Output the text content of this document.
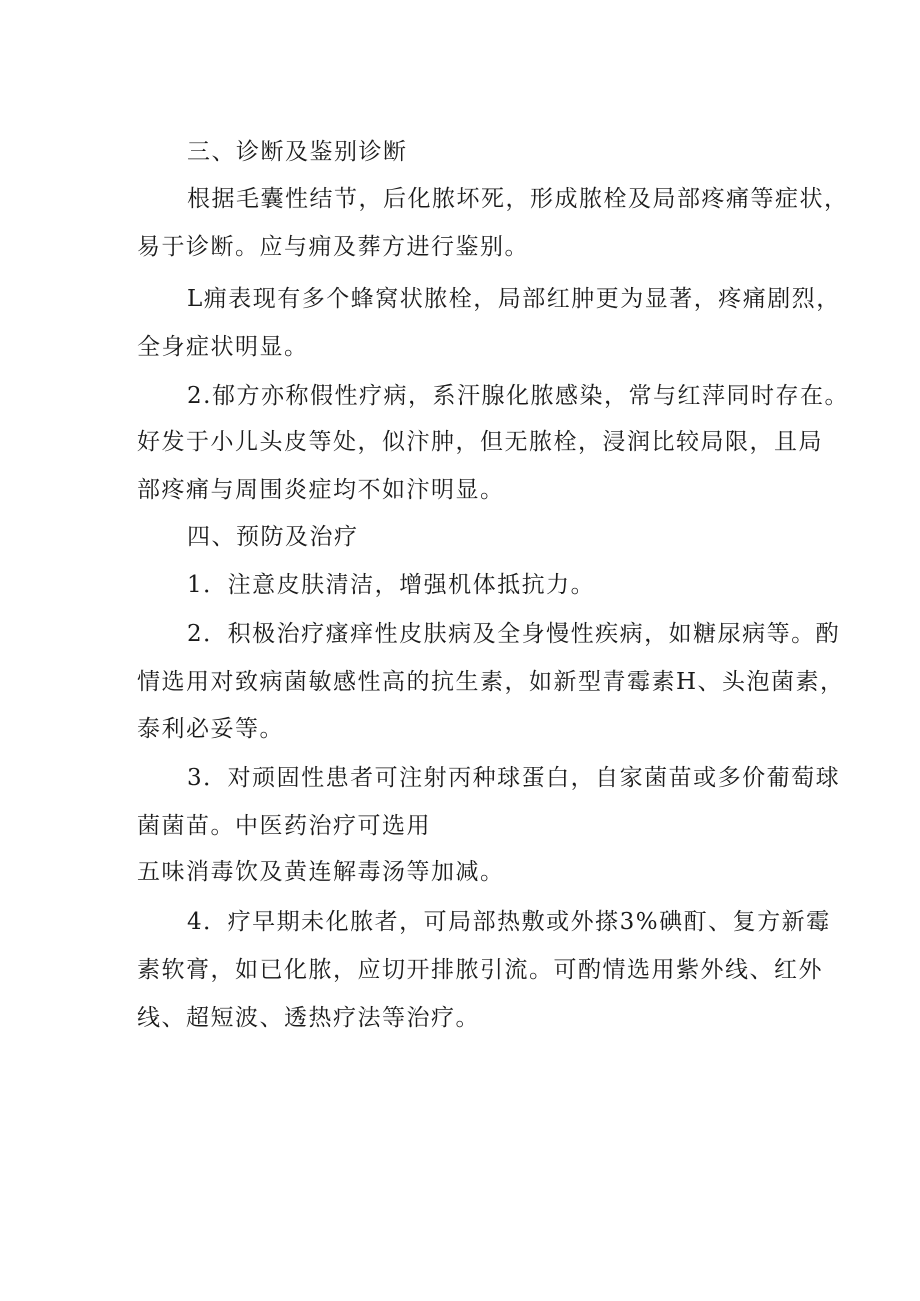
三、诊断及鉴别诊断
根据毛囊性结节，后化脓坏死，形成脓栓及局部疼痛等症状，
易于诊断。应与痈及葬方进行鉴别。
L痈表现有多个蜂窝状脓栓，局部红肿更为显著，疼痛剧烈，
全身症状明显。
2.郁方亦称假性疗病，系汗腺化脓感染，常与红萍同时存在。
好发于小儿头皮等处，似汴肿，但无脓栓，浸润比较局限，且局
部疼痛与周围炎症均不如汴明显。
四、预防及治疗
1．注意皮肤清洁，增强机体抵抗力。
2．积极治疗瘙痒性皮肤病及全身慢性疾病，如糖尿病等。酌
情选用对致病菌敏感性高的抗生素，如新型青霉素H、头泡菌素，
泰利必妥等。
3．对顽固性患者可注射丙种球蛋白，自家菌苗或多价葡萄球
菌菌苗。中医药治疗可选用
五味消毒饮及黄连解毒汤等加减。
4．疗早期未化脓者，可局部热敷或外搽3%碘酊、复方新霉
素软膏，如已化脓，应切开排脓引流。可酌情选用紫外线、红外
线、超短波、透热疗法等治疗。
